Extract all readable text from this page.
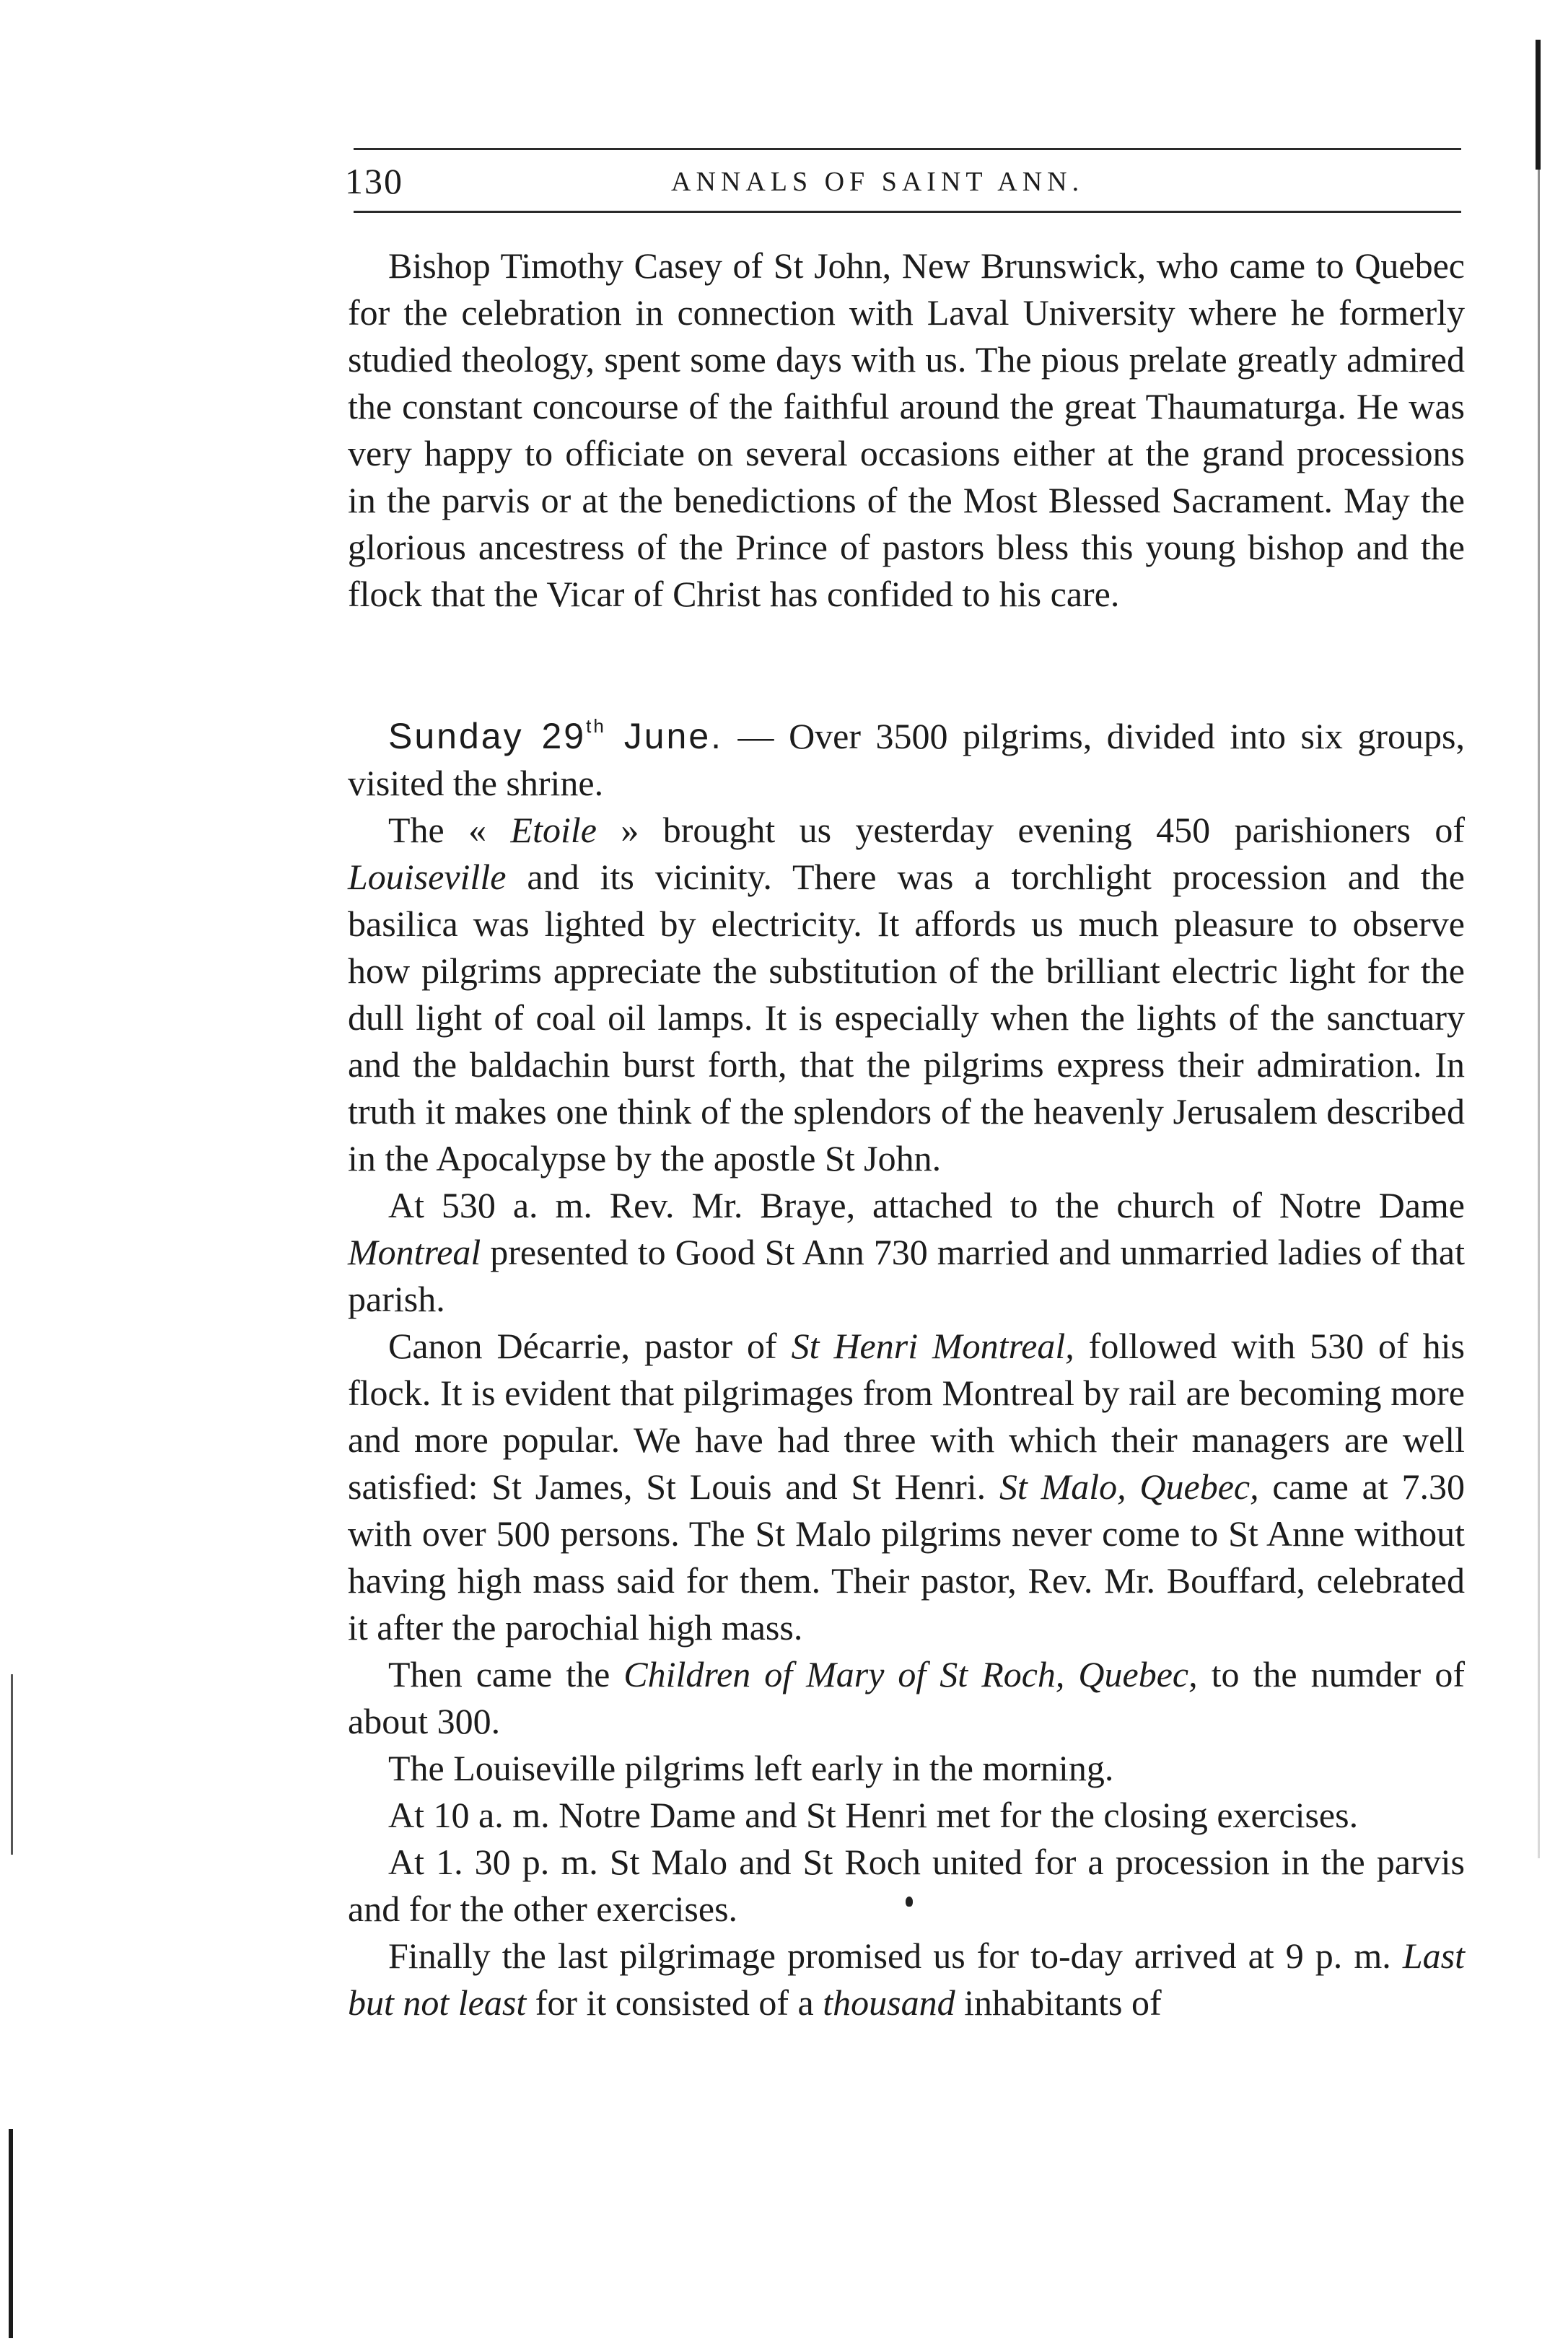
130	ANNALS OF SAINT ANN.

Bishop Timothy Casey of St John, New Brunswick, who came to Quebec for the celebration in connection with Laval University where he formerly studied theology, spent some days with us. The pious prelate greatly admired the constant concourse of the faithful around the great Thaumaturga. He was very happy to officiate on several occasions either at the grand processions in the parvis or at the benedictions of the Most Blessed Sacrament. May the glorious ancestress of the Prince of pastors bless this young bishop and the flock that the Vicar of Christ has confided to his care.

Sunday 29th June. — Over 3500 pilgrims, divided into six groups, visited the shrine.

The « Etoile » brought us yesterday evening 450 parishioners of Louiseville and its vicinity. There was a torchlight procession and the basilica was lighted by electricity. It affords us much pleasure to observe how pilgrims appreciate the substitution of the brilliant electric light for the dull light of coal oil lamps. It is especially when the lights of the sanctuary and the baldachin burst forth, that the pilgrims express their admiration. In truth it makes one think of the splendors of the heavenly Jerusalem described in the Apocalypse by the apostle St John.

At 530 a. m. Rev. Mr. Braye, attached to the church of Notre Dame Montreal presented to Good St Ann 730 married and unmarried ladies of that parish.

Canon Décarrie, pastor of St Henri Montreal, followed with 530 of his flock. It is evident that pilgrimages from Montreal by rail are becoming more and more popular. We have had three with which their managers are well satisfied: St James, St Louis and St Henri. St Malo, Quebec, came at 7.30 with over 500 persons. The St Malo pilgrims never come to St Anne without having high mass said for them. Their pastor, Rev. Mr. Bouffard, celebrated it after the parochial high mass.

Then came the Children of Mary of St Roch, Quebec, to the numder of about 300.

The Louiseville pilgrims left early in the morning.

At 10 a. m. Notre Dame and St Henri met for the closing exercises.

At 1. 30 p. m. St Malo and St Roch united for a procession in the parvis and for the other exercises.

Finally the last pilgrimage promised us for to-day arrived at 9 p. m. Last but not least for it consisted of a thousand inhabitants of
